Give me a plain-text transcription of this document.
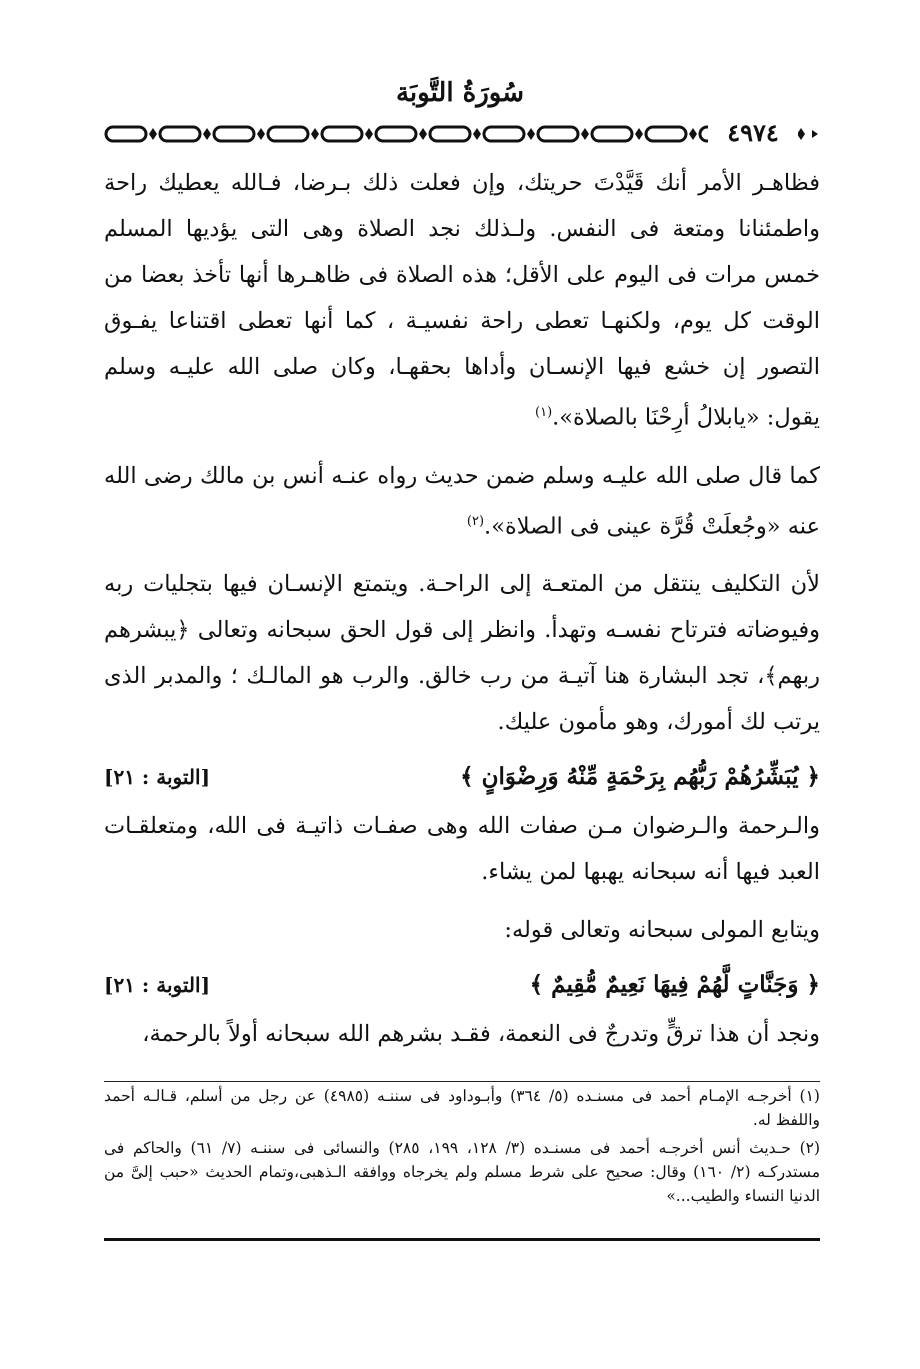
سُورَةُ التَّوبَة
٤٩٧٤

فظاهـر الأمر أنك قَيَّدْتَ حريتك، وإن فعلت ذلك بـرضا، فـالله يعطيك راحة واطمئنانا ومتعة فى النفس. ولـذلك نجد الصلاة وهى التى يؤديها المسلم خمس مرات فى اليوم على الأقل؛ هذه الصلاة فى ظاهـرها أنها تأخذ بعضا من الوقت كل يوم، ولكنهـا تعطى راحة نفسيـة ، كما أنها تعطى اقتناعا يفـوق التصور إن خشع فيها الإنسـان وأداها بحقهـا، وكان صلى الله عليـه وسلم يقول: «يابلالُ أرِحْنَا بالصلاة».$^{(١)}$

كما قال صلى الله عليـه وسلم ضمن حديث رواه عنـه أنس بن مالك رضى الله عنه «وجُعلَتْ قُرَّة عينى فى الصلاة».$^{(٢)}$

لأن التكليف ينتقل من المتعـة إلى الراحـة. ويتمتع الإنسـان فيها بتجليات ربه وفيوضاته فترتاح نفسـه وتهدأ. وانظر إلى قول الحق سبحانه وتعالى ﴿يبشرهم ربهم﴾، تجد البشارة هنا آتيـة من رب خالق. والرب هو المالـك ؛ والمدبر الذى يرتب لك أمورك، وهو مأمون عليك.

﴿ يُبَشِّرُهُمْ رَبُّهُم بِرَحْمَةٍ مِّنْهُ وَرِضْوَانٍ ﴾
[التوبة : ٢١]

والـرحمة والـرضوان مـن صفات الله وهى صفـات ذاتيـة فى الله، ومتعلقـات العبد فيها أنه سبحانه يهبها لمن يشاء.

ويتابع المولى سبحانه وتعالى قوله:

﴿ وَجَنَّاتٍ لَّهُمْ فِيهَا نَعِيمٌ مُّقِيمٌ ﴾
[التوبة : ٢١]

ونجد أن هذا ترقٍّ وتدرجٌ فى النعمة، فقـد بشرهم الله سبحانه أولاً بالرحمة،

(١) أخرجـه الإمـام أحمد فى مسنـده (٥/ ٣٦٤) وأبـوداود فى سننـه (٤٩٨٥) عن رجل من أسلم، قـالـه أحمد واللفظ له.

(٢) حـديث أنس أخرجـه أحمد فى مسنـده (٣/ ١٢٨، ١٩٩، ٢٨٥) والنسائى فى سننـه (٧/ ٦١) والحاكم فى مستدركـه (٢/ ١٦٠) وقال: صحيح على شرط مسلم ولم يخرجاه ووافقه الـذهبى،وتمام الحديث «حبب إلىَّ من الدنيا النساء والطيب...»
